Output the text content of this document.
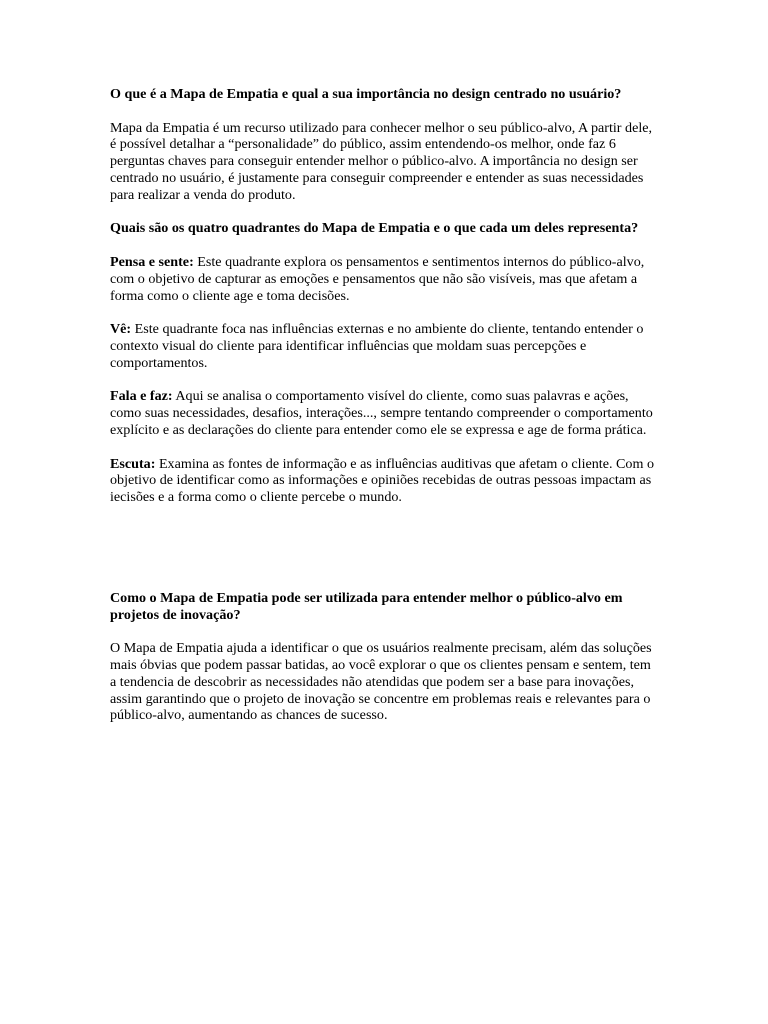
O que é a Mapa de Empatia e qual a sua importância no design centrado no usuário?

Mapa da Empatia é um recurso utilizado para conhecer melhor o seu público-alvo, A partir dele, é possível detalhar a “personalidade” do público, assim entendendo-os melhor, onde faz 6 perguntas chaves para conseguir entender melhor o público-alvo. A importância no design ser centrado no usuário, é justamente para conseguir compreender e entender as suas necessidades para realizar a venda do produto.

Quais são os quatro quadrantes do Mapa de Empatia e o que cada um deles representa?

Pensa e sente: Este quadrante explora os pensamentos e sentimentos internos do público-alvo, com o objetivo de capturar as emoções e pensamentos que não são visíveis, mas que afetam a forma como o cliente age e toma decisões.

Vê: Este quadrante foca nas influências externas e no ambiente do cliente, tentando entender o contexto visual do cliente para identificar influências que moldam suas percepções e comportamentos.

Fala e faz: Aqui se analisa o comportamento visível do cliente, como suas palavras e ações, como suas necessidades, desafios, interações..., sempre tentando compreender o comportamento explícito e as declarações do cliente para entender como ele se expressa e age de forma prática.

Escuta: Examina as fontes de informação e as influências auditivas que afetam o cliente. Com o objetivo de identificar como as informações e opiniões recebidas de outras pessoas impactam as iecisões e a forma como o cliente percebe o mundo.

Como o Mapa de Empatia pode ser utilizada para entender melhor o público-alvo em projetos de inovação?

O Mapa de Empatia ajuda a identificar o que os usuários realmente precisam, além das soluções mais óbvias que podem passar batidas, ao você explorar o que os clientes pensam e sentem, tem a tendencia de descobrir as necessidades não atendidas que podem ser a base para inovações, assim garantindo que o projeto de inovação se concentre em problemas reais e relevantes para o público-alvo, aumentando as chances de sucesso.
